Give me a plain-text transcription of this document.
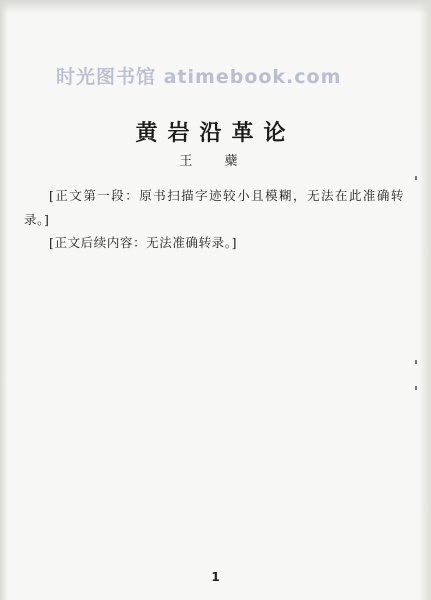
时光图书馆 atimebook.com
黄岩沿革论
王 蘗

[正文第一段：原书扫描字迹较小且模糊，无法在此准确转录。]

[正文后续内容：无法准确转录。]

1
